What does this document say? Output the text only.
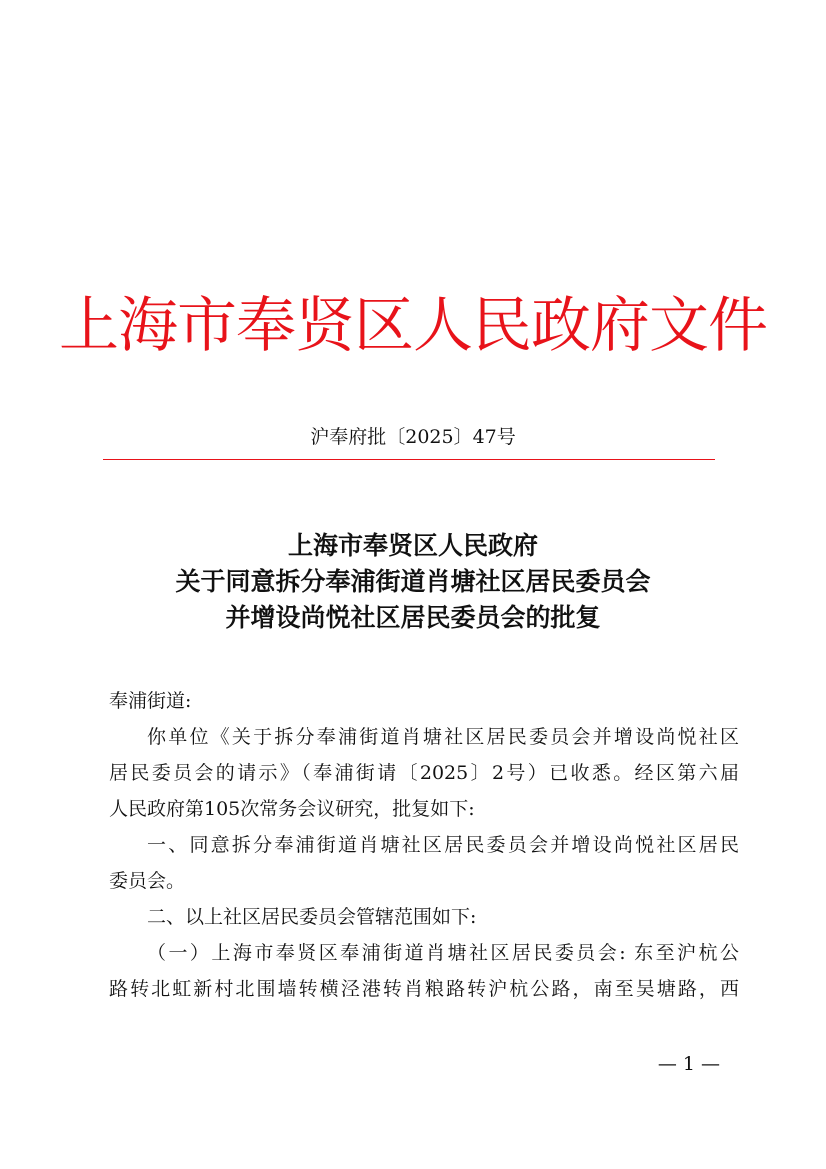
上海市奉贤区人民政府文件
沪奉府批〔2025〕47号
上海市奉贤区人民政府
关于同意拆分奉浦街道肖塘社区居民委员会
并增设尚悦社区居民委员会的批复
奉浦街道:
你单位《关于拆分奉浦街道肖塘社区居民委员会并增设尚悦社区
居民委员会的请示》（奉浦街请〔2025〕2号）已收悉。经区第六届
人民政府第105次常务会议研究，批复如下:
一、同意拆分奉浦街道肖塘社区居民委员会并增设尚悦社区居民
委员会。
二、以上社区居民委员会管辖范围如下:
（一）上海市奉贤区奉浦街道肖塘社区居民委员会: 东至沪杭公
路转北虹新村北围墙转横泾港转肖粮路转沪杭公路，南至吴塘路，西
— 1 —
